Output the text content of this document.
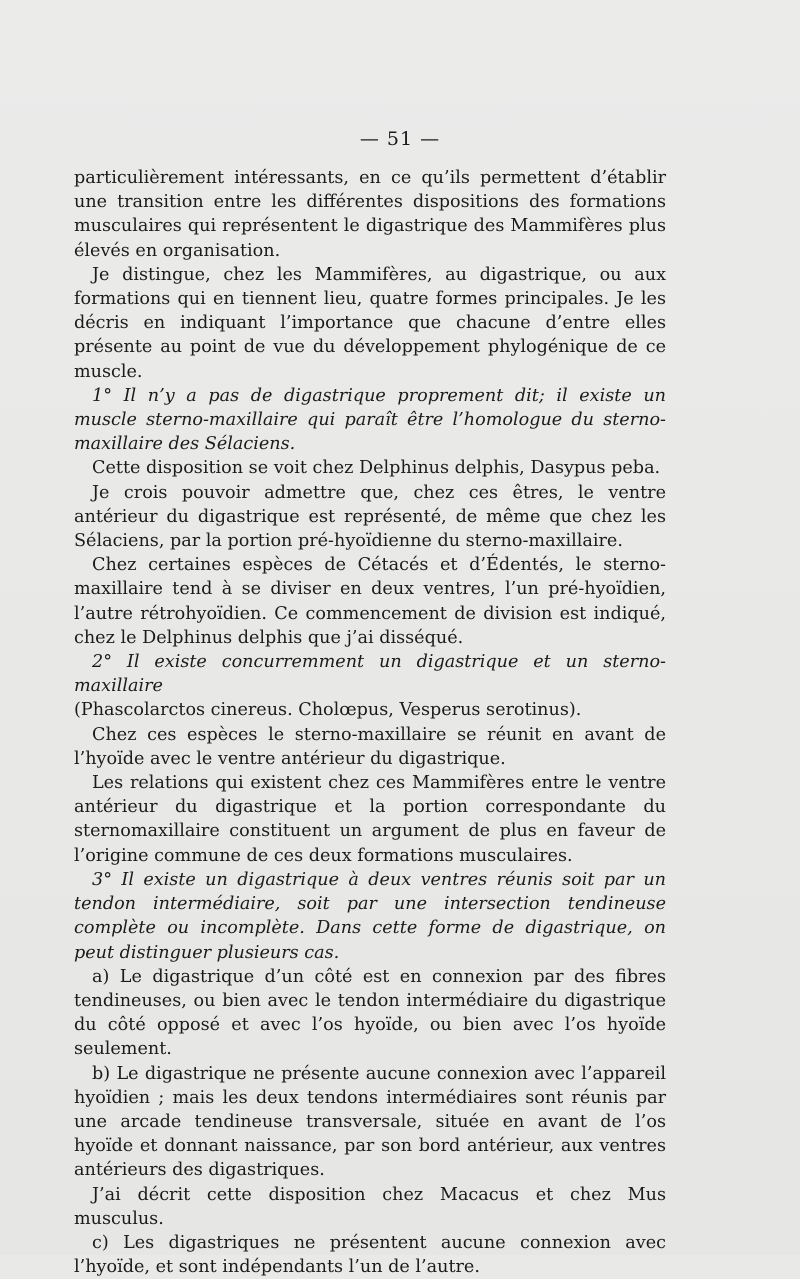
— 51 —

particulièrement intéressants, en ce qu’ils permettent d’établir une transition entre les différentes dispositions des formations musculaires qui représentent le digastrique des Mammifères plus élevés en organisation.

Je distingue, chez les Mammifères, au digastrique, ou aux formations qui en tiennent lieu, quatre formes principales. Je les décris en indiquant l’importance que chacune d’entre elles présente au point de vue du développement phylogénique de ce muscle.

1° Il n’y a pas de digastrique proprement dit; il existe un muscle sterno-maxillaire qui paraît être l’homologue du sterno-maxillaire des Sélaciens.

Cette disposition se voit chez Delphinus delphis, Dasypus peba.

Je crois pouvoir admettre que, chez ces êtres, le ventre antérieur du digastrique est représenté, de même que chez les Sélaciens, par la portion pré-hyoïdienne du sterno-maxillaire.

Chez certaines espèces de Cétacés et d’Édentés, le sterno-maxillaire tend à se diviser en deux ventres, l’un pré-hyoïdien, l’autre rétrohyoïdien. Ce commencement de division est indiqué, chez le Delphinus delphis que j’ai disséqué.

2° Il existe concurremment un digastrique et un sterno-maxillaire

(Phascolarctos cinereus. Cholœpus, Vesperus serotinus).

Chez ces espèces le sterno-maxillaire se réunit en avant de l’hyoïde avec le ventre antérieur du digastrique.

Les relations qui existent chez ces Mammifères entre le ventre antérieur du digastrique et la portion correspondante du sternomaxillaire constituent un argument de plus en faveur de l’origine commune de ces deux formations musculaires.

3° Il existe un digastrique à deux ventres réunis soit par un tendon intermédiaire, soit par une intersection tendineuse complète ou incomplète. Dans cette forme de digastrique, on peut distinguer plusieurs cas.

a) Le digastrique d’un côté est en connexion par des fibres tendineuses, ou bien avec le tendon intermédiaire du digastrique du côté opposé et avec l’os hyoïde, ou bien avec l’os hyoïde seulement.

b) Le digastrique ne présente aucune connexion avec l’appareil hyoïdien ; mais les deux tendons intermédiaires sont réunis par une arcade tendineuse transversale, située en avant de l’os hyoïde et donnant naissance, par son bord antérieur, aux ventres antérieurs des digastriques.

J’ai décrit cette disposition chez Macacus et chez Mus musculus.

c) Les digastriques ne présentent aucune connexion avec l’hyoïde, et sont indépendants l’un de l’autre.
